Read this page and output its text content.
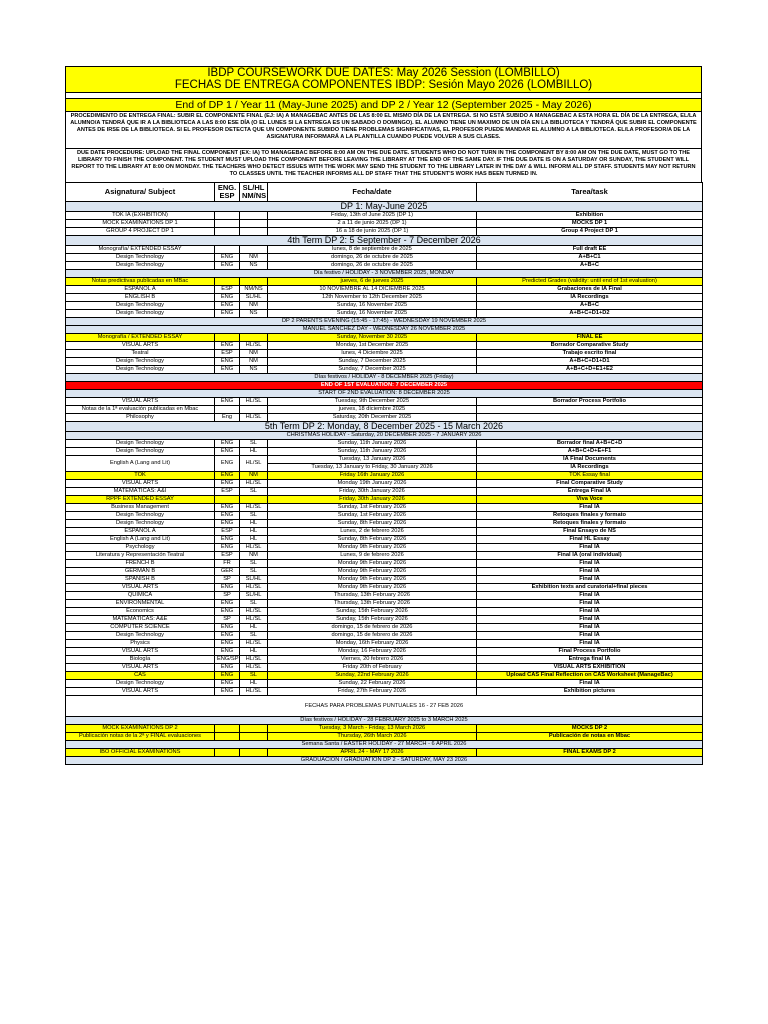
IBDP COURSEWORK DUE DATES: May 2026 Session (LOMBILLO)
FECHAS DE ENTREGA COMPONENTES IBDP: Sesión Mayo 2026 (LOMBILLO)
End of DP 1 / Year 11 (May-June 2025) and DP 2 / Year 12 (September 2025 - May 2026)
PROCEDIMIENTO DE ENTREGA FINAL: SUBIR EL COMPONENTE FINAL (EJ: IA) A MANAGEBAC ANTES DE LAS 8:00 EL MISMO DÍA DE LA ENTREGA. SI NO ESTÁ SUBIDO A MANAGEBAC A ESTA HORA EL DÍA DE LA ENTREGA, EL/LA ALUMNO/A TENDRÁ QUE IR A LA BIBLIOTECA A LAS 8:00 ESE DÍA (O EL LUNES SI LA ENTREGA ES UN SABADO O DOMINGO). EL ALUMNO TIENE UN MAXIMO DE UN DÍA EN LA BIBLIOTECA Y TENDRÁ QUE SUBIR EL COMPONENTE ANTES DE IRSE DE LA BIBLIOTECA. SI EL PROFESOR DETECTA QUE UN COMPONENTE SUBIDO TIENE PROBLEMAS SIGNIFICATIVAS, EL PROFESOR PUEDE MANDAR EL ALUMNO A LA BIBLIOTECA. EL/LA PROFESOR/A DE LA ASIGNATURA INFORMARÁ A LA PLANTILLA CUANDO PUEDE VOLVER A SUS CLASES.
DUE DATE PROCEDURE: UPLOAD THE FINAL COMPONENT (EX: IA) TO MANAGEBAC BEFORE 8:00 AM ON THE DUE DATE. STUDENTS WHO DO NOT TURN IN THE COMPONENT BY 8:00 AM ON THE DUE DATE, MUST GO TO THE LIBRARY TO FINISH THE COMPONENT. THE STUDENT MUST UPLOAD THE COMPONENT BEFORE LEAVING THE LIBRARY AT THE END OF THE SAME DAY. IF THE DUE DATE IS ON A SATURDAY OR SUNDAY, THE STUDENT WILL REPORT TO THE LIBRARY AT 8:00 ON MONDAY. THE TEACHERS WHO DETECT ISSUES WITH THE WORK MAY SEND THE STUDENT TO THE LIBRARY LATER IN THE DAY & WILL INFORM ALL DP STAFF. STUDENTS MAY NOT RETURN TO CLASSES UNTIL THE TEACHER INFORMS ALL DP STAFF THAT THE STUDENT'S WORK HAS BEEN TURNED IN.
Asignatura/ Subject	ENG. ESP	SL/HL NM/NS	Fecha/date	Tarea/task
DP 1: May-June 2025				
TOK IA (EXHIBITION)			Friday, 13th of June 2025 (DP 1)	Exhibition
MOCK EXAMINATIONS DP 1			2 a 11 de junio 2025 (DP 1)	MOCKS DP 1
GROUP 4 PROJECT DP 1			16 a 18 de junio 2025 (DP 1)	Group 4 Project DP 1
4th Term DP 2: 5 September - 7 December 2026				
Monografía/ EXTENDED ESSAY			lunes, 8 de septiembre de 2025	Full draft EE
Design Technology	ENG	NM	domingo, 26 de octubre de 2025	A+B+C1
Design Technology	ENG	NS	domingo, 26 de octubre de 2025	A+B+C
Día festivo / HOLIDAY - 3 NOVEMBER 2025, MONDAY				
Notas predictivas publicadas en MBac			jueves, 6 de jueves 2025	Predicted Grades (validity: until end of 1st evaluation)
ESPAÑOL A	ESP	NM/NS	10 NOVIEMBRE AL 14 DICIEMBRE 2025	Grabaciones de IA Final
ENGLISH B	ENG	SL/HL	12th November to 12th December 2025	IA Recordings
Design Technology	ENG	NM	Sunday, 16 November 2025	A+B+C
Design Technology	ENG	NS	Sunday, 16 November 2025	A+B+C+D1+D2
DP 2 PARENTS EVENING (15:45 - 17:45) - WEDNESDAY 19 NOVEMBER 2025				
MANUEL SANCHEZ DAY - WEDNESDAY 26 NOVEMBER 2025				
Monografía / EXTENDED ESSAY			Sunday, November 30 2025	FINAL EE
VISUAL ARTS	ENG	HL/SL	Monday, 1st December 2025	Borrador Comparative Study
Teatral	ESP	NM	lunes, 4 Diciembre 2025	Trabajo escrito final
Design Technology	ENG	NM	Sunday, 7 December 2025	A+B+C+D1+D1
Design Technology	ENG	NS	Sunday, 7 December 2025	A+B+C+D+E1+E2
Días festivos / HOLIDAY - 8 DECEMBER 2025 (Friday)				
END OF 1ST EVALUATION: 7 DECEMBER 2025				
START OF 2ND EVALUATION: 8 DECEMBER 2025				
VISUAL ARTS	ENG	HL/SL	Tuesday, 9th December 2025	Borrador Process Portfolio
Notas de la 1ª evaluación publicadas en Mbac			jueves, 18 diciembre 2025	
Philosophy	Eng	HL/SL	Saturday, 20th December 2025	
5th Term DP 2: Monday, 8 December 2025 - 15 March 2026				
CHRISTMAS HOLIDAY - Saturday, 20 DECEMBER 2025 - 7 JANUARY 2026				
Design Technology	ENG	SL	Sunday, 11th January 2026	Borrador final A+B+C+D
Design Technology	ENG	HL	Sunday, 11th January 2026	A+B+C+D+E+F1
English A (Lang and Lit)	ENG	HL/SL	Tuesday, 13 January 2026	IA Final Documents
			Tuesday, 13 January to Friday, 30 January 2026	IA Recordings
TOK	ENG	NM	Friday 16th January 2026	TOK Essay final
VISUAL ARTS	ENG	HL/SL	Monday 19th January 2026	Final Comparative Study
MATEMÁTICAS: A&I	ESP	SL	Friday, 30th January 2026	Entrega Final IA
RPPF EXTENDED ESSAY			Friday, 30th January 2026	Viva Voce
Business Management	ENG	HL/SL	Sunday, 1st February 2026	Final IA
Design Technology	ENG	SL	Sunday, 1st February 2026	Retoques finales y formato
Design Technology	ENG	HL	Sunday, 8th February 2026	Retoques finales y formato
ESPAÑOL A	ESP	HL	Lunes, 2 de febrero 2026	Final Ensayo de NS
English A (Lang and Lit)	ENG	HL	Sunday, 8th February 2026	Final HL Essay
Psychology	ENG	HL/SL	Monday 9th February 2026	Final IA
Literatura y Representación Teatral	ESP	NM	Lunes, 9 de febrero 2026	Final IA (oral individual)
FRENCH B	FR	SL	Monday 9th February 2026	Final IA
GERMAN B	GER	SL	Monday 9th February 2026	Final IA
SPANISH B	SP	SL/HL	Monday 9th February 2026	Final IA
VISUAL ARTS	ENG	HL/SL	Monday 9th February 2026	Exhibition texts and curatorial+final pieces
QUÍMICA	SP	SL/HL	Thursday, 13th February 2026	Final IA
ENVIRONMENTAL	ENG	SL	Thursday, 13th February 2026	Final IA
Economics	ENG	HL/SL	Sunday, 15th February 2026	Final IA
MATEMÁTICAS: A&E	SP	HL/SL	Sunday, 15th February 2026	Final IA
COMPUTER SCIENCE	ENG	HL	domingo, 15 de febrero de 2026	Final IA
Design Technology	ENG	SL	domingo, 15 de febrero de 2026	Final IA
Physics	ENG	HL/SL	Monday, 16th February 2026	Final IA
VISUAL ARTS	ENG	HL	Monday, 16 February 2026	Final Process Portfolio
Biología	ENG/SP	HL/SL	Viernes, 20 febrero 2026	Entrega final IA
VISUAL ARTS	ENG	HL/SL	Friday 20th of February	VISUAL ARTS EXHIBITION
CAS	ENG	SL	Sunday, 22nd February 2026	Upload CAS Final Reflection on CAS Worksheet (ManageBac)
Design Technology	ENG	HL	Sunday, 22 February 2026	Final IA
VISUAL ARTS	ENG	HL/SL	Friday, 27th February 2026	Exhibition pictures
FECHAS PARA PROBLEMAS PUNTUALES 16 - 27 FEB 2026				
Días festivos / HOLIDAY - 28 FEBRUARY 2025 to 3 MARCH 2025				
MOCK EXAMINATIONS DP 2			Tuesday, 3 March - Friday, 13 March 2026	MOCKS DP 2
Publicación notas de la 2ª y FINAL evaluaciones			Thursday, 26th March 2026	Publicación de notas en Mbac
Semana Santa / EASTER HOLIDAY - 27 MARCH - 6 APRIL 2026				
IBO OFFICIAL EXAMINATIONS			APRIL 24 - MAY 17 2026	FINAL EXAMS DP 2
GRADUACION / GRADUATION DP 2 - SATURDAY, MAY 23 2026				
